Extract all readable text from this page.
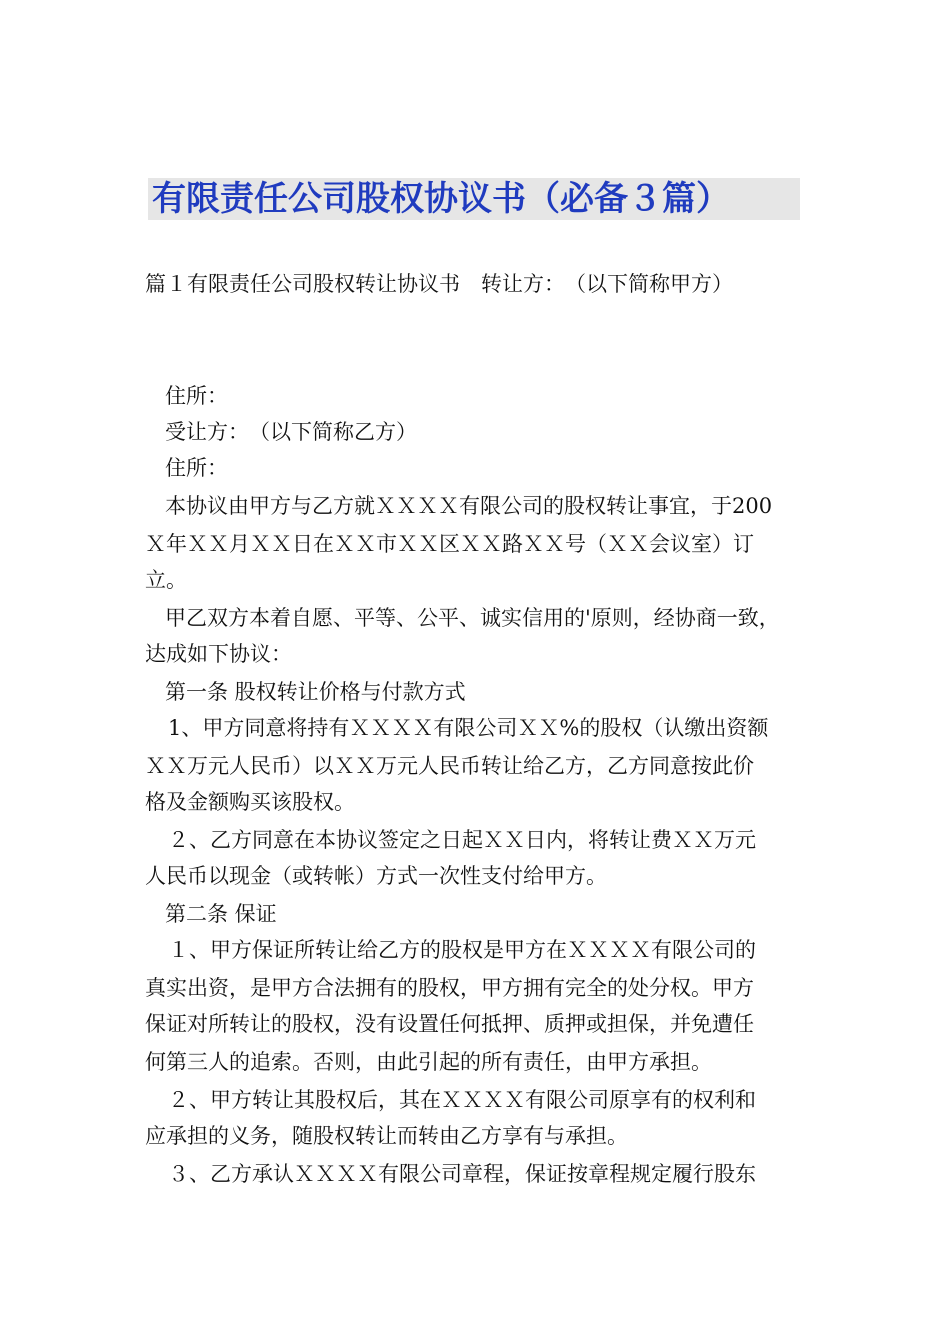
有限责任公司股权协议书（必备３篇）
篇１有限责任公司股权转让协议书　转让方：　（以下简称甲方）
住所：
受让方：　（以下简称乙方）
住所：
本协议由甲方与乙方就ＸＸＸＸ有限公司的股权转让事宜，于200
Ｘ年ＸＸ月ＸＸ日在ＸＸ市ＸＸ区ＸＸ路ＸＸ号（ＸＸ会议室）订
立。
甲乙双方本着自愿、平等、公平、诚实信用的'原则，经协商一致，
达成如下协议：
第一条 股权转让价格与付款方式
1、甲方同意将持有ＸＸＸＸ有限公司ＸＸ%的股权（认缴出资额
ＸＸ万元人民币）以ＸＸ万元人民币转让给乙方，乙方同意按此价
格及金额购买该股权。
２、乙方同意在本协议签定之日起ＸＸ日内，将转让费ＸＸ万元
人民币以现金（或转帐）方式一次性支付给甲方。
第二条 保证
１、甲方保证所转让给乙方的股权是甲方在ＸＸＸＸ有限公司的
真实出资，是甲方合法拥有的股权，甲方拥有完全的处分权。甲方
保证对所转让的股权，没有设置任何抵押、质押或担保，并免遭任
何第三人的追索。否则，由此引起的所有责任，由甲方承担。
２、甲方转让其股权后，其在ＸＸＸＸ有限公司原享有的权利和
应承担的义务，随股权转让而转由乙方享有与承担。
３、乙方承认ＸＸＸＸ有限公司章程，保证按章程规定履行股东
